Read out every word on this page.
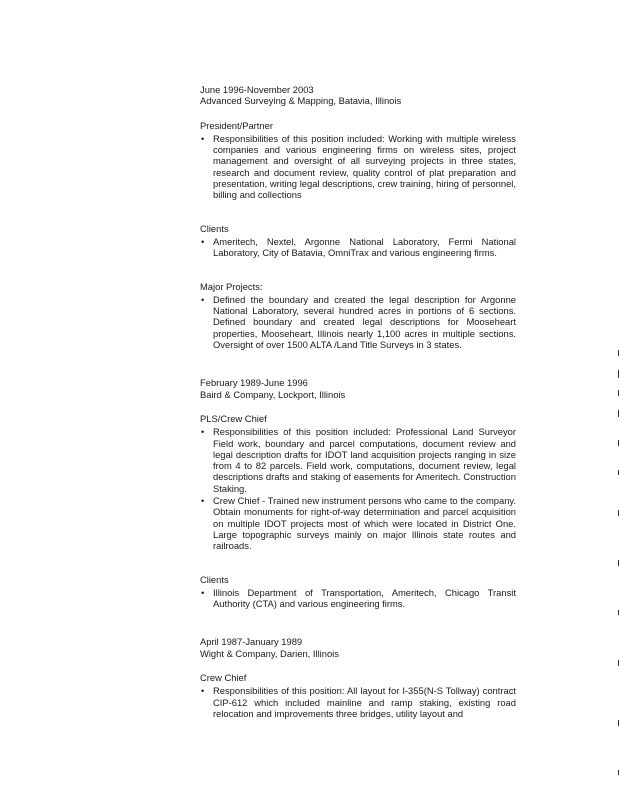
June 1996-November 2003
Advanced Surveying & Mapping, Batavia, Illinois
President/Partner
• Responsibilities of this position included: Working with multiple wireless companies and various engineering firms on wireless sites, project management and oversight of all surveying projects in three states, research and document review, quality control of plat preparation and presentation, writing legal descriptions, crew training, hiring of personnel, billing and collections
Clients
• Ameritech, Nextel, Argonne National Laboratory, Fermi National Laboratory, City of Batavia, OmniTrax and various engineering firms.
Major Projects:
• Defined the boundary and created the legal description for Argonne National Laboratory, several hundred acres in portions of 6 sections. Defined boundary and created legal descriptions for Mooseheart properties, Mooseheart, Illinois nearly 1,100 acres in multiple sections. Oversight of over 1500 ALTA /Land Title Surveys in 3 states.
February 1989-June 1996
Baird & Company, Lockport, Illinois
PLS/Crew Chief
• Responsibilities of this position included: Professional Land Surveyor Field work, boundary and parcel computations, document review and legal description drafts for IDOT land acquisition projects ranging in size from 4 to 82 parcels. Field work, computations, document review, legal descriptions drafts and staking of easements for Ameritech. Construction Staking.
• Crew Chief - Trained new instrument persons who came to the company. Obtain monuments for right-of-way determination and parcel acquisition on multiple IDOT projects most of which were located in District One. Large topographic surveys mainly on major Illinois state routes and railroads.
Clients
• Illinois Department of Transportation, Ameritech, Chicago Transit Authority (CTA) and various engineering firms.
April 1987-January 1989
Wight & Company, Darien, Illinois
Crew Chief
• Responsibilities of this position: All layout for I-355(N-S Tollway) contract CIP-612 which included mainline and ramp staking, existing road relocation and improvements three bridges, utility layout and
